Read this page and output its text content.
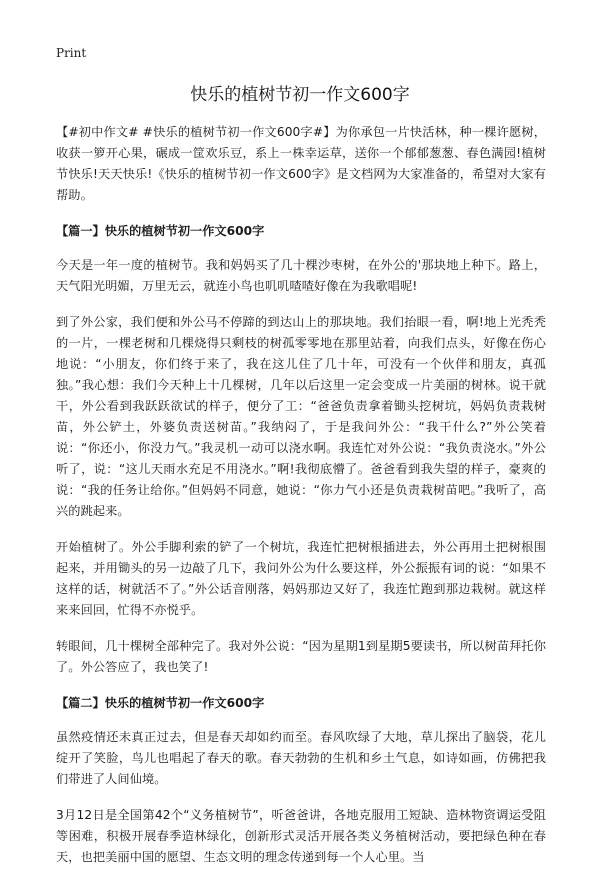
Print
快乐的植树节初一作文600字

【#初中作文# #快乐的植树节初一作文600字#】为你承包一片快活林，种一棵许愿树，收获一箩开心果，碾成一筐欢乐豆，系上一株幸运草，送你一个郁郁葱葱、春色满园!植树节快乐!天天快乐!《快乐的植树节初一作文600字》是文档网为大家准备的，希望对大家有帮助。

【篇一】快乐的植树节初一作文600字

今天是一年一度的植树节。我和妈妈买了几十棵沙枣树，在外公的'那块地上种下。路上，天气阳光明媚，万里无云，就连小鸟也叽叽喳喳好像在为我歌唱呢!

到了外公家，我们便和外公马不停蹄的到达山上的那块地。我们抬眼一看，啊!地上光秃秃的一片，一棵老树和几棵烧得只剩枝的树孤零零地在那里站着，向我们点头，好像在伤心地说：“小朋友，你们终于来了，我在这儿住了几十年，可没有一个伙伴和朋友，真孤独。”我心想：我们今天种上十几棵树，几年以后这里一定会变成一片美丽的树林。说干就干，外公看到我跃跃欲试的样子，便分了工：“爸爸负责拿着锄头挖树坑，妈妈负责栽树苗，外公铲土，外婆负责送树苗。”我纳闷了，于是我问外公：“我干什么?”外公笑着说：“你还小，你没力气。”我灵机一动可以浇水啊。我连忙对外公说：“我负责浇水。”外公听了，说：“这儿天雨水充足不用浇水。”啊!我彻底懵了。爸爸看到我失望的样子，豪爽的说：“我的任务让给你。”但妈妈不同意，她说：“你力气小还是负责栽树苗吧。”我听了，高兴的跳起来。

开始植树了。外公手脚利索的铲了一个树坑，我连忙把树根插进去，外公再用土把树根围起来，并用锄头的另一边敲了几下，我问外公为什么要这样，外公振振有词的说：“如果不这样的话，树就活不了。”外公话音刚落，妈妈那边又好了，我连忙跑到那边栽树。就这样来来回回，忙得不亦悦乎。

转眼间，几十棵树全部种完了。我对外公说：“因为星期1到星期5要读书，所以树苗拜托你了。外公答应了，我也笑了!

【篇二】快乐的植树节初一作文600字

虽然疫情还未真正过去，但是春天却如约而至。春风吹绿了大地，草儿探出了脑袋，花儿绽开了笑脸，鸟儿也唱起了春天的歌。春天勃勃的生机和乡土气息，如诗如画，仿佛把我们带进了人间仙境。

3月12日是全国第42个“义务植树节”，听爸爸讲，各地克服用工短缺、造林物资调运受阻等困难，积极开展春季造林绿化，创新形式灵活开展各类义务植树活动，要把绿色种在春天，也把美丽中国的愿望、生态文明的理念传递到每一个人心里。当
